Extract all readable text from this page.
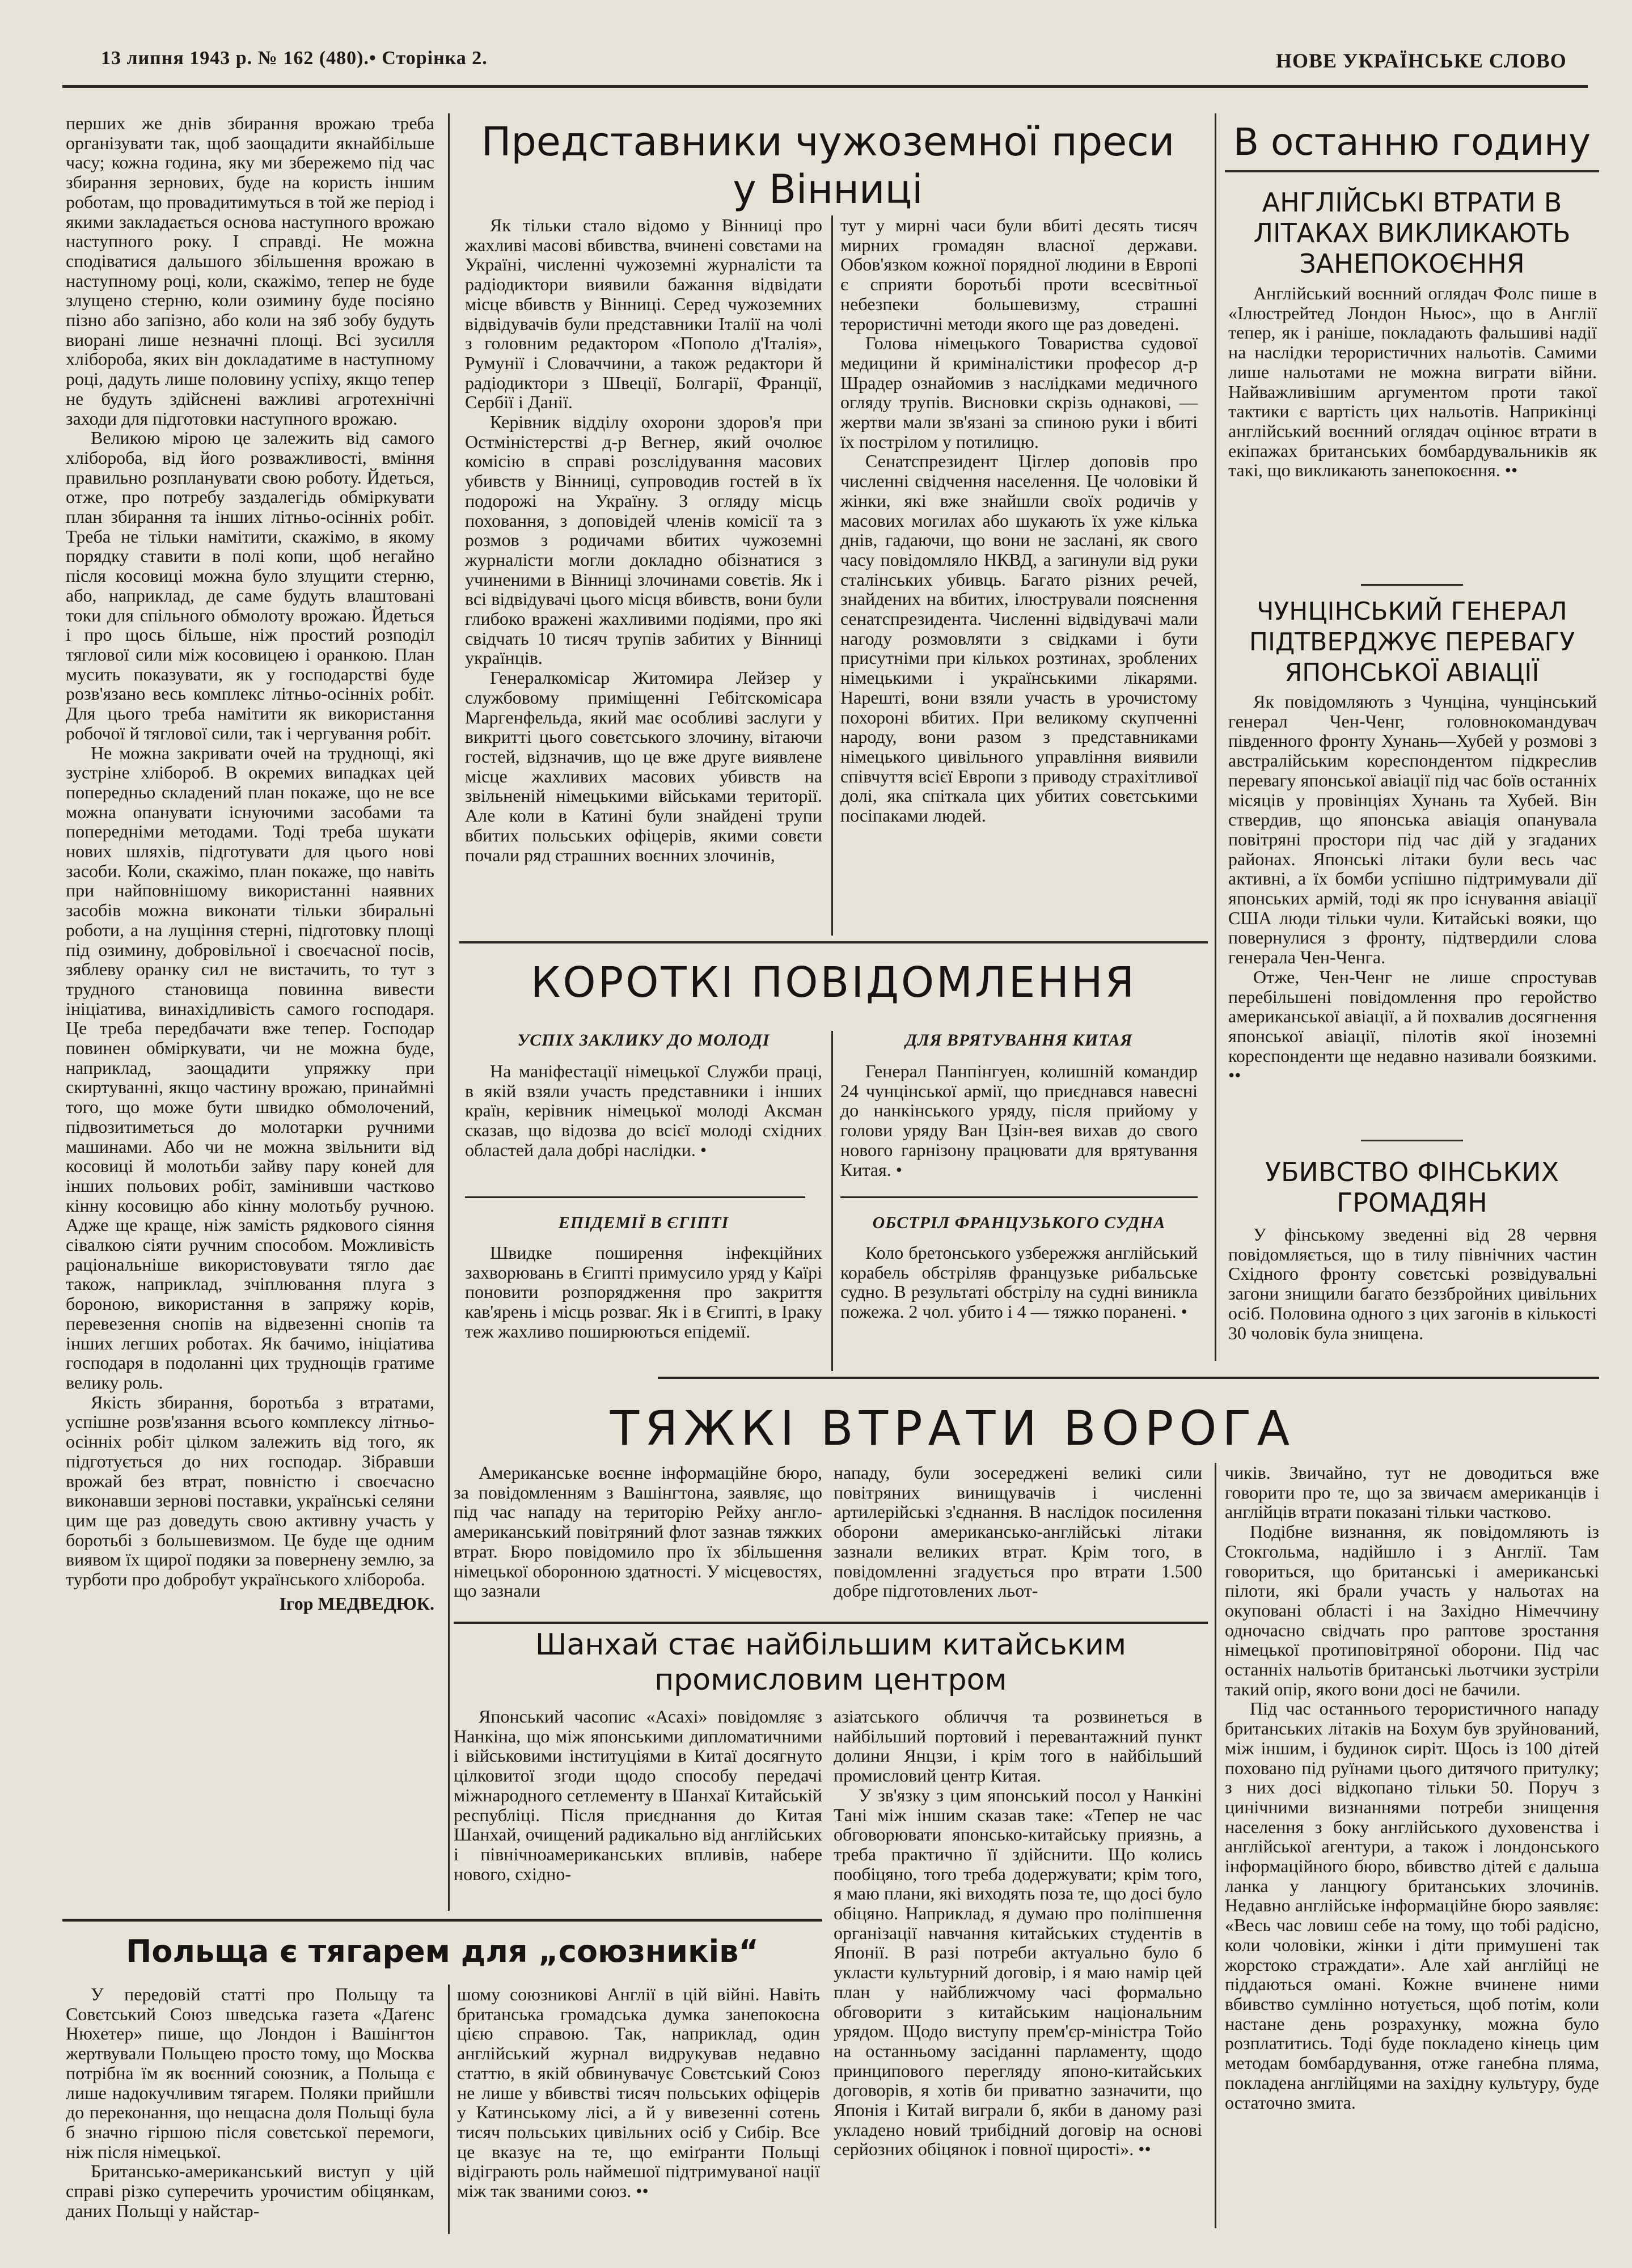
13 липня 1943 р. № 162 (480).• Сторінка 2.	НОВЕ УКРАЇНСЬКЕ СЛОВО

перших же днів збирання врожаю треба організувати так, щоб заощадити якнайбільше часу; кожна година, яку ми збережемо під час збирання зернових, буде на користь іншим роботам, що провадитимуться в той же період і якими закладається основа наступного врожаю наступного року. І справді. Не можна сподіватися дальшого збільшення врожаю в наступному році, коли, скажімо, тепер не буде злущено стерню, коли озимину буде посіяно пізно або запізно, або коли на зяб зобу будуть виорані лише незначні площі. Всі зусилля хлібороба, яких він докладатиме в наступному році, дадуть лише половину успіху, якщо тепер не будуть здійснені важливі агротехнічні заходи для підготовки наступного врожаю.

Великою мірою це залежить від самого хлібороба, від його розважливості, вміння правильно розпланувати свою роботу. Йдеться, отже, про потребу заздалегідь обміркувати план збирання та інших літньо-осінніх робіт. Треба не тільки намітити, скажімо, в якому порядку ставити в полі копи, щоб негайно після косовиці можна було злущити стерню, або, наприклад, де саме будуть влаштовані токи для спільного обмолоту врожаю. Йдеться і про щось більше, ніж простий розподіл тяглової сили між косовицею і оранкою. План мусить показувати, як у господарстві буде розв'язано весь комплекс літньо-осінніх робіт. Для цього треба намітити як використання робочої й тяглової сили, так і чергування робіт.

Не можна закривати очей на труднощі, які зустріне хлібороб. В окремих випадках цей попередньо складений план покаже, що не все можна опанувати існуючими засобами та попередніми методами. Тоді треба шукати нових шляхів, підготувати для цього нові засоби. Коли, скажімо, план покаже, що навіть при найповнішому використанні наявних засобів можна виконати тільки збиральні роботи, а на лущіння стерні, підготовку площі під озимину, добровільної і своєчасної посів, зяблеву оранку сил не вистачить, то тут з трудного становища повинна вивести ініціатива, винахідливість самого господаря. Це треба передбачати вже тепер. Господар повинен обміркувати, чи не можна буде, наприклад, заощадити упряжку при скиртуванні, якщо частину врожаю, принаймні того, що може бути швидко обмолочений, підвозитиметься до молотарки ручними машинами. Або чи не можна звільнити від косовиці й молотьби зайву пару коней для інших польових робіт, замінивши частково кінну косовицю або кінну молотьбу ручною. Адже ще краще, ніж замість рядкового сіяння сівалкою сіяти ручним способом. Можливість раціональніше використовувати тягло дає також, наприклад, зчіплювання плуга з бороною, використання в запряжу корів, перевезення снопів на відвезенні снопів та інших легших роботах. Як бачимо, ініціатива господаря в подоланні цих труднощів гратиме велику роль.

Якість збирання, боротьба з втратами, успішне розв'язання всього комплексу літньо-осінніх робіт цілком залежить від того, як підготується до них господар. Зібравши врожай без втрат, повністю і своєчасно виконавши зернові поставки, українські селяни цим ще раз доведуть свою активну участь у боротьбі з большевизмом. Це буде ще одним виявом їх щирої подяки за повернену землю, за турботи про добробут українського хлібороба.

Ігор МЕДВЕДЮК.
Представники чужоземної преси
у Вінниці

Як тільки стало відомо у Вінниці про жахливі масові вбивства, вчинені совєтами на Україні, численні чужоземні журналісти та радіодиктори виявили бажання відвідати місце вбивств у Вінниці. Серед чужоземних відвідувачів були представники Італії на чолі з головним редактором «Пополо д'Італія», Румунії і Словаччини, а також редактори й радіодиктори з Швеції, Болгарії, Франції, Сербії і Данії.

Керівник відділу охорони здоров'я при Остміністерстві д-р Вегнер, який очолює комісію в справі розслідування масових убивств у Вінниці, супроводив гостей в їх подорожі на Україну. З огляду місць поховання, з доповідей членів комісії та з розмов з родичами вбитих чужоземні журналісти могли докладно обізнатися з учиненими в Вінниці злочинами совєтів. Як і всі відвідувачі цього місця вбивств, вони були глибоко вражені жахливими подіями, про які свідчать 10 тисяч трупів забитих у Вінниці українців.

Генералкомісар Житомира Лейзер у службовому приміщенні Гебітскомісара Маргенфельда, який має особливі заслуги у викритті цього совєтського злочину, вітаючи гостей, відзначив, що це вже друге виявлене місце жахливих масових убивств на звільненій німецькими військами території. Але коли в Катині були знайдені трупи вбитих польських офіцерів, якими совєти почали ряд страшних воєнних злочинів,

тут у мирні часи були вбиті десять тисяч мирних громадян власної держави. Обов'язком кожної порядної людини в Европі є сприяти боротьбі проти всесвітньої небезпеки большевизму, страшні терористичні методи якого ще раз доведені.

Голова німецького Товариства судової медицини й криміналістики професор д-р Шрадер ознайомив з наслідками медичного огляду трупів. Висновки скрізь однакові, — жертви мали зв'язані за спиною руки і вбиті їх пострілом у потилицю.

Сенатспрезидент Ціглер доповів про численні свідчення населення. Це чоловіки й жінки, які вже знайшли своїх родичів у масових могилах або шукають їх уже кілька днів, гадаючи, що вони не заслані, як свого часу повідомляло НКВД, а загинули від руки сталінських убивць. Багато різних речей, знайдених на вбитих, ілюстрували пояснення сенатспрезидента. Численні відвідувачі мали нагоду розмовляти з свідками і бути присутніми при кількох розтинах, зроблених німецькими і українськими лікарями. Нарешті, вони взяли участь в урочистому похороні вбитих. При великому скупченні народу, вони разом з представниками німецького цивільного управління виявили співчуття всієї Европи з приводу страхітливої долі, яка спіткала цих убитих совєтськими посіпаками людей.

В останню годину
АНГЛІЙСЬКІ ВТРАТИ В ЛІТАКАХ ВИКЛИКАЮТЬ ЗАНЕПОКОЄННЯ

Англійський воєнний оглядач Фолс пише в «Ілюстрейтед Лондон Ньюс», що в Англії тепер, як і раніше, покладають фальшиві надії на наслідки терористичних нальотів. Самими лише нальотами не можна виграти війни. Найважливішим аргументом проти такої тактики є вартість цих нальотів. Наприкінці англійський воєнний оглядач оцінює втрати в екіпажах британських бомбардувальників як такі, що викликають занепокоєння. ••

ЧУНЦІНСЬКИЙ ГЕНЕРАЛ ПІДТВЕРДЖУЄ ПЕРЕВАГУ ЯПОНСЬКОЇ АВІАЦІЇ

Як повідомляють з Чунціна, чунцінський генерал Чен-Ченг, головнокомандувач південного фронту Хунань—Хубей у розмові з австралійським кореспондентом підкреслив перевагу японської авіації під час боїв останніх місяців у провінціях Хунань та Хубей. Він ствердив, що японська авіація опанувала повітряні простори під час дій у згаданих районах. Японські літаки були весь час активні, а їх бомби успішно підтримували дії японських армій, тоді як про існування авіації США люди тільки чули. Китайські вояки, що повернулися з фронту, підтвердили слова генерала Чен-Ченга.

Отже, Чен-Ченг не лише спростував перебільшені повідомлення про геройство американської авіації, а й похвалив досягнення японської авіації, пілотів якої іноземні кореспонденти ще недавно називали боязкими. ••

УБИВСТВО ФІНСЬКИХ ГРОМАДЯН

У фінському зведенні від 28 червня повідомляється, що в тилу північних частин Східного фронту совєтські розвідувальні загони знищили багато беззбройних цивільних осіб. Половина одного з цих загонів в кількості 30 чоловік була знищена.

КОРОТКІ ПОВІДОМЛЕННЯ
УСПІХ ЗАКЛИКУ ДО МОЛОДІ

На маніфестації німецької Служби праці, в якій взяли участь представники і інших країн, керівник німецької молоді Аксман сказав, що відозва до всієї молоді східних областей дала добрі наслідки. •

ДЛЯ ВРЯТУВАННЯ КИТАЯ

Генерал Панпінгуен, колишній командир 24 чунцінської армії, що приєднався навесні до нанкінського уряду, після прийому у голови уряду Ван Цзін-вея вихав до свого нового гарнізону працювати для врятування Китая. •

ЕПІДЕМІЇ В ЄГІПТІ

Швидке поширення інфекційних захворювань в Єгипті примусило уряд у Каїрі поновити розпорядження про закриття кав'ярень і місць розваг. Як і в Єгипті, в Іраку теж жахливо поширюються епідемії.

ОБСТРІЛ ФРАНЦУЗЬКОГО СУДНА

Коло бретонського узбережжя англійський корабель обстріляв французьке рибальське судно. В результаті обстрілу на судні виникла пожежа. 2 чол. убито і 4 — тяжко поранені. •

ТЯЖКІ ВТРАТИ ВОРОГА

Американське воєнне інформаційне бюро, за повідомленням з Вашінгтона, заявляє, що під час нападу на територію Рейху англо-американський повітряний флот зазнав тяжких втрат. Бюро повідомило про їх збільшення німецької оборонною здатності. У місцевостях, що зазнали

нападу, були зосереджені великі сили повітряних винищувачів і численні артилерійські з'єднання. В наслідок посилення оборони американсько-англійські літаки зазнали великих втрат. Крім того, в повідомленні згадується про втрати 1.500 добре підготовлених льот-

чиків. Звичайно, тут не доводиться вже говорити про те, що за звичаєм американців і англійців втрати показані тільки частково.

Подібне визнання, як повідомляють із Стокгольма, надійшло і з Англії. Там говориться, що британські і американські пілоти, які брали участь у нальотах на окуповані області і на Західно Німеччину одночасно свідчать про раптове зростання німецької протиповітряної оборони. Під час останніх нальотів британські льотчики зустріли такий опір, якого вони досі не бачили.

Під час останнього терористичного нападу британських літаків на Бохум був зруйнований, між іншим, і будинок сиріт. Щось із 100 дітей поховано під руїнами цього дитячого притулку; з них досі відкопано тільки 50. Поруч з цинічними визнаннями потреби знищення населення з боку англійського духовенства і англійської агентури, а також і лондонського інформаційного бюро, вбивство дітей є дальша ланка у ланцюгу британських злочинів. Недавно англійське інформаційне бюро заявляє: «Весь час ловиш себе на тому, що тобі радісно, коли чоловіки, жінки і діти примушені так жорстоко страждати». Але хай англійці не піддаються омані. Кожне вчинене ними вбивство сумлінно нотується, щоб потім, коли настане день розрахунку, можна було розплатитись. Тоді буде покладено кінець цим методам бомбардування, отже ганебна пляма, покладена англійцями на західну культуру, буде остаточно змита.

Шанхай стає найбільшим китайським
промисловим центром

Японський часопис «Асахі» повідомляє з Нанкіна, що між японськими дипломатичними і військовими інституціями в Китаї досягнуто цілковитої згоди щодо способу передачі міжнародного сетлементу в Шанхаї Китайській республіці. Після приєднання до Китая Шанхай, очищений радикально від англійських і північноамериканських впливів, набере нового, східно-

азіатського обличчя та розвинеться в найбільший портовий і перевантажний пункт долини Янцзи, і крім того в найбільший промисловий центр Китая.

У зв'язку з цим японський посол у Нанкіні Тані між іншим сказав таке: «Тепер не час обговорювати японсько-китайську приязнь, а треба практично її здійснити. Що колись пообіцяно, того треба додержувати; крім того, я маю плани, які виходять поза те, що досі було обіцяно. Наприклад, я думаю про поліпшення організації навчання китайських студентів в Японії. В разі потреби актуально було б укласти культурний договір, і я маю намір цей план у найближчому часі формально обговорити з китайським національним урядом. Щодо виступу прем'єр-міністра Тойо на останньому засіданні парламенту, щодо принципового перегляду японо-китайських договорів, я хотів би приватно зазначити, що Японія і Китай виграли б, якби в даному разі укладено новий трибідний договір на основі серйозних обіцянок і повної щирості». ••

Польща є тягарем для „союзників“

У передовій статті про Польщу та Совєтський Союз шведська газета «Даґенс Нюхетер» пише, що Лондон і Вашінгтон жертвували Польщею просто тому, що Москва потрібна їм як воєнний союзник, а Польща є лише надокучливим тягарем. Поляки прийшли до переконання, що нещасна доля Польщі була б значно гіршою після совєтської перемоги, ніж після німецької.

Британсько-американський виступ у цій справі різко суперечить урочистим обіцянкам, даних Польщі у найстар-

шому союзникові Англії в цій війні. Навіть британська громадська думка занепокоєна цією справою. Так, наприклад, один англійський журнал видрукував недавно статтю, в якій обвинувачує Совєтський Союз не лише у вбивстві тисяч польських офіцерів у Катинському лісі, а й у вивезенні сотень тисяч польських цивільних осіб у Сибір. Все це вказує на те, що еміґранти Польщі відіграють роль наймешої підтримуваної нації між так званими союз. ••
